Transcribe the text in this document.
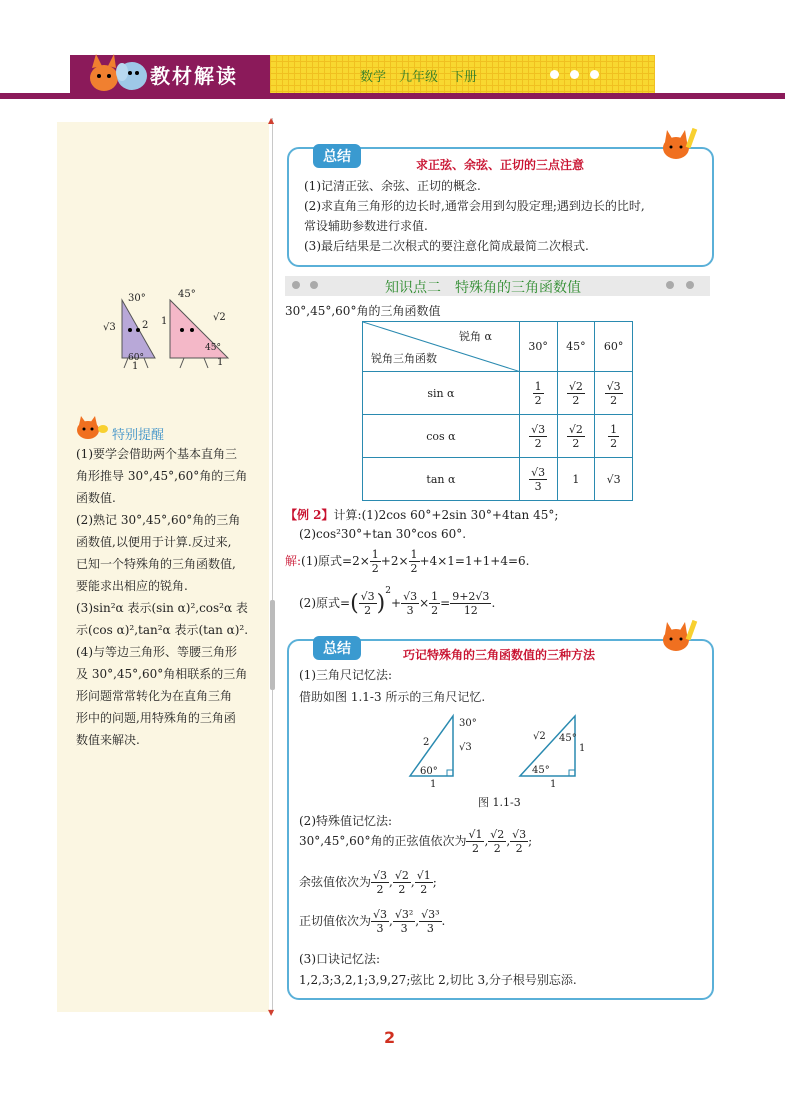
教材解读	数学　九年级　下册
▲
▼
30°	45°
√3	2 1	√2
60°
45°
1	1
特别提醒
(1)要学会借助两个基本直角三
角形推导 30°,45°,60°角的三角
函数值.
(2)熟记 30°,45°,60°角的三角
函数值,以便用于计算.反过来,
已知一个特殊角的三角函数值,
要能求出相应的锐角.
(3)sin²α 表示(sin α)²,cos²α 表
示(cos α)²,tan²α 表示(tan α)².
(4)与等边三角形、等腰三角形
及 30°,45°,60°角相联系的三角
形问题常常转化为在直角三角
形中的问题,用特殊角的三角函
数值来解决.
总结	求正弦、余弦、正切的三点注意
(1)记清正弦、余弦、正切的概念.
(2)求直角三角形的边长时,通常会用到勾股定理;遇到边长的比时,
常设辅助参数进行求值.
(3)最后结果是二次根式的要注意化简成最简二次根式.
知识点二　特殊角的三角函数值
30°,45°,60°角的三角函数值
锐角 α
锐角三角函数	30°	45°	60°
sin α	$\frac{1}{2}$	$\frac{√2}{2}$	$\frac{√3}{2}$

cos α	$\frac{√3}{2}$	$\frac{√2}{2}$	$\frac{1}{2}$

tan α	$\frac{√3}{3}$	1	√3
【例 2】计算:(1)2cos 60°+2sin 30°+4tan 45°;
(2)cos²30°+tan 30°cos 60°.
解:(1)原式$=2\times \frac{1}{2} +2\times \frac{1}{2} +4\times 1=1+1+4=6$.
(2)原式=( $\frac{√3}{2} )^2+ \frac{√3}{3} \times \frac{1}{2} = \frac{9+2√3}{12}$ .
总结	巧记特殊角的三角函数值的三种方法
(1)三角尺记忆法:
借助如图 1.1-3 所示的三角尺记忆.
30°
2	√3
60°
1
√2 45°
1
45°
1
图 1.1-3
(2)特殊值记忆法:
30°,45°,60°角的正弦值依次为 $\frac{√1}{2}$ , $\frac{√2}{2}$ , $\frac{√3}{2}$ ;
余弦值依次为 $\frac{√3}{2}$ , $\frac{√2}{2}$ , $\frac{√1}{2}$ ;
正切值依次为 $\frac{√3}{3}$ , $\frac{\text{√3²}}{3}$ , $\frac{\text{√3³}}{3}$ .
(3)口诀记忆法:
1,2,3;3,2,1;3,9,27;弦比 2,切比 3,分子根号别忘添.
2
